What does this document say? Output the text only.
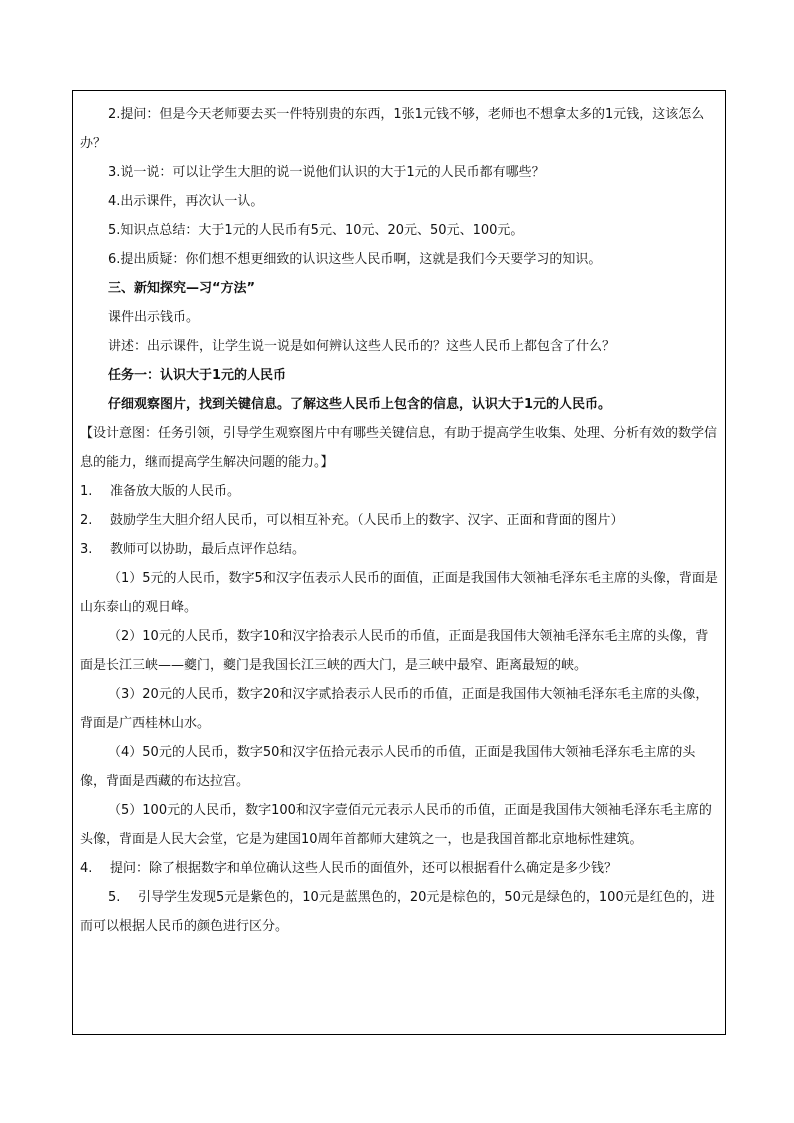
2.提问：但是今天老师要去买一件特别贵的东西，1张1元钱不够，老师也不想拿太多的1元钱，这该怎么办？

3.说一说：可以让学生大胆的说一说他们认识的大于1元的人民币都有哪些？

4.出示课件，再次认一认。

5.知识点总结：大于1元的人民币有5元、10元、20元、50元、100元。

6.提出质疑：你们想不想更细致的认识这些人民币啊，这就是我们今天要学习的知识。

三、新知探究—习“方法”

课件出示钱币。

讲述：出示课件，让学生说一说是如何辨认这些人民币的？这些人民币上都包含了什么？

任务一：认识大于1元的人民币

仔细观察图片，找到关键信息。了解这些人民币上包含的信息，认识大于1元的人民币。

【设计意图：任务引领，引导学生观察图片中有哪些关键信息，有助于提高学生收集、处理、分析有效的数学信息的能力，继而提高学生解决问题的能力。】

1. 准备放大版的人民币。

2. 鼓励学生大胆介绍人民币，可以相互补充。（人民币上的数字、汉字、正面和背面的图片）

3. 教师可以协助，最后点评作总结。

（1）5元的人民币，数字5和汉字伍表示人民币的面值，正面是我国伟大领袖毛泽东毛主席的头像，背面是山东泰山的观日峰。

（2）10元的人民币，数字10和汉字拾表示人民币的币值，正面是我国伟大领袖毛泽东毛主席的头像，背面是长江三峡——夔门，夔门是我国长江三峡的西大门，是三峡中最窄、距离最短的峡。

（3）20元的人民币，数字20和汉字贰拾表示人民币的币值，正面是我国伟大领袖毛泽东毛主席的头像，背面是广西桂林山水。

（4）50元的人民币，数字50和汉字伍拾元表示人民币的币值，正面是我国伟大领袖毛泽东毛主席的头像，背面是西藏的布达拉宫。

（5）100元的人民币，数字100和汉字壹佰元元表示人民币的币值，正面是我国伟大领袖毛泽东毛主席的头像，背面是人民大会堂，它是为建国10周年首都师大建筑之一，也是我国首都北京地标性建筑。

4. 提问：除了根据数字和单位确认这些人民币的面值外，还可以根据看什么确定是多少钱？

5. 引导学生发现5元是紫色的，10元是蓝黑色的，20元是棕色的，50元是绿色的，100元是红色的，进而可以根据人民币的颜色进行区分。
